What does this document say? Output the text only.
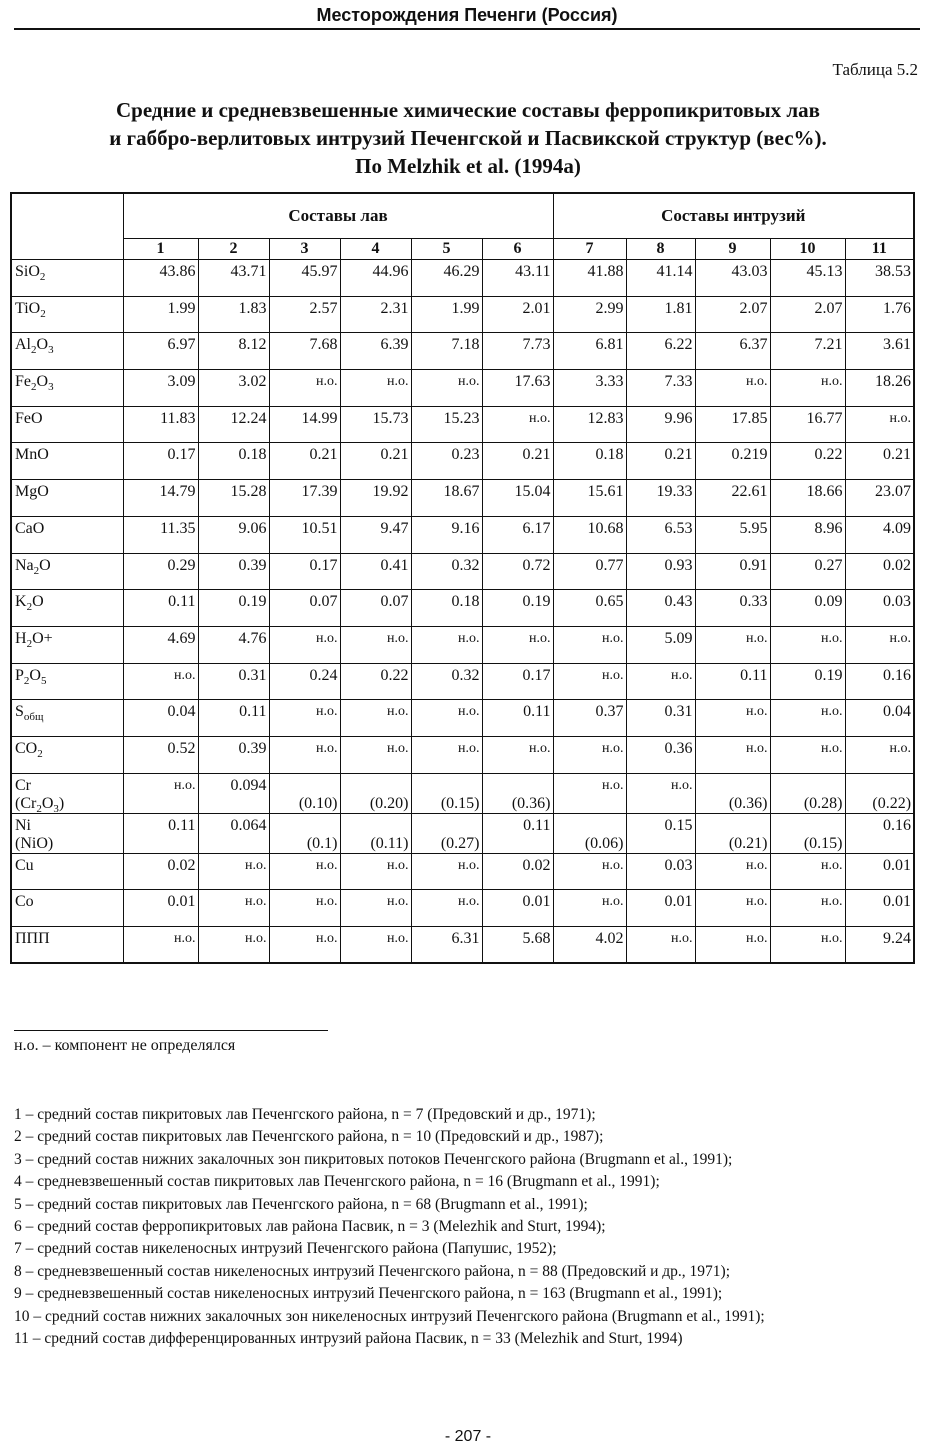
Месторождения Печенги (Россия)
Таблица 5.2
Средние и средневзвешенные химические составы ферропикритовых лав
и габбро-верлитовых интрузий Печенгской и Пасвикской структур (вес%).
По Melzhik et al. (1994a)
	Составы лав						Составы интрузий				
	1	2	3	4	5	6	7	8	9	10	11
SiO$_2$	43.86	43.71	45.97	44.96	46.29	43.11	41.88	41.14	43.03	45.13	38.53
TiO$_2$	1.99	1.83	2.57	2.31	1.99	2.01	2.99	1.81	2.07	2.07	1.76
$Al_2O_3$	6.97	8.12	7.68	6.39	7.18	7.73	6.81	6.22	6.37	7.21	3.61
$Fe_2O_3$	3.09	3.02	н.о.	н.о.	н.о.	17.63	3.33	7.33	н.о.	н.о.	18.26
FeO	11.83	12.24	14.99	15.73	15.23	н.о.	12.83	9.96	17.85	16.77	н.о.
MnO	0.17	0.18	0.21	0.21	0.23	0.21	0.18	0.21	0.219	0.22	0.21
MgO	14.79	15.28	17.39	19.92	18.67	15.04	15.61	19.33	22.61	18.66	23.07
CaO	11.35	9.06	10.51	9.47	9.16	6.17	10.68	6.53	5.95	8.96	4.09
$Na_2O$	0.29	0.39	0.17	0.41	0.32	0.72	0.77	0.93	0.91	0.27	0.02
$K_2O$	0.11	0.19	0.07	0.07	0.18	0.19	0.65	0.43	0.33	0.09	0.03
$H_2O+$	4.69	4.76	н.о.	н.о.	н.о.	н.о.	н.о.	5.09	н.о.	н.о.	н.о.
$P_2O_5$	н.о.	0.31	0.24	0.22	0.32	0.17	н.о.	н.о.	0.11	0.19	0.16
$S_{общ}$	0.04	0.11	н.о.	н.о.	н.о.	0.11	0.37	0.31	н.о.	н.о.	0.04
$CO_2$	0.52	0.39	н.о.	н.о.	н.о.	н.о.	н.о.	0.36	н.о.	н.о.	н.о.
Cr
$(Cr_2O_3)$	н.о.	0.094	(0.10)	(0.20)	(0.15)	(0.36)	н.о.	н.о.	(0.36)	(0.28)	(0.22)

Ni
(NiO)	0.11	0.064	(0.1)	(0.11)	(0.27)	0.11	(0.06)	0.15	(0.21)	(0.15)	0.16

Cu	0.02	н.о.	н.о.	н.о.	н.о.	0.02	н.о.	0.03	н.о.	н.о.	0.01
Co	0.01	н.о.	н.о.	н.о.	н.о.	0.01	н.о.	0.01	н.о.	н.о.	0.01
ППП	н.о.	н.о.	н.о.	н.о.	6.31	5.68	4.02	н.о.	н.о.	н.о.	9.24
н.о. – компонент не определялся
1 – средний состав пикритовых лав Печенгского района, n = 7 (Предовский и др., 1971);
2 – средний состав пикритовых лав Печенгского района, n = 10 (Предовский и др., 1987);
3 – средний состав нижних закалочных зон пикритовых потоков Печенгского района (Brugmann et al., 1991);
4 – средневзвешенный состав пикритовых лав Печенгского района, n = 16 (Brugmann et al., 1991);
5 – средний состав пикритовых лав Печенгского района, n = 68 (Brugmann et al., 1991);
6 – средний состав ферропикритовых лав района Пасвик, n = 3 (Melezhik and Sturt, 1994);
7 – средний состав никеленосных интрузий Печенгского района (Папушис, 1952);
8 – средневзвешенный состав никеленосных интрузий Печенгского района, n = 88 (Предовский и др., 1971);
9 – средневзвешенный состав никеленосных интрузий Печенгского района, n = 163 (Brugmann et al., 1991);
10 – средний состав нижних закалочных зон никеленосных интрузий Печенгского района (Brugmann et al., 1991);
11 – средний состав дифференцированных интрузий района Пасвик, n = 33 (Melezhik and Sturt, 1994)
- 207 -
